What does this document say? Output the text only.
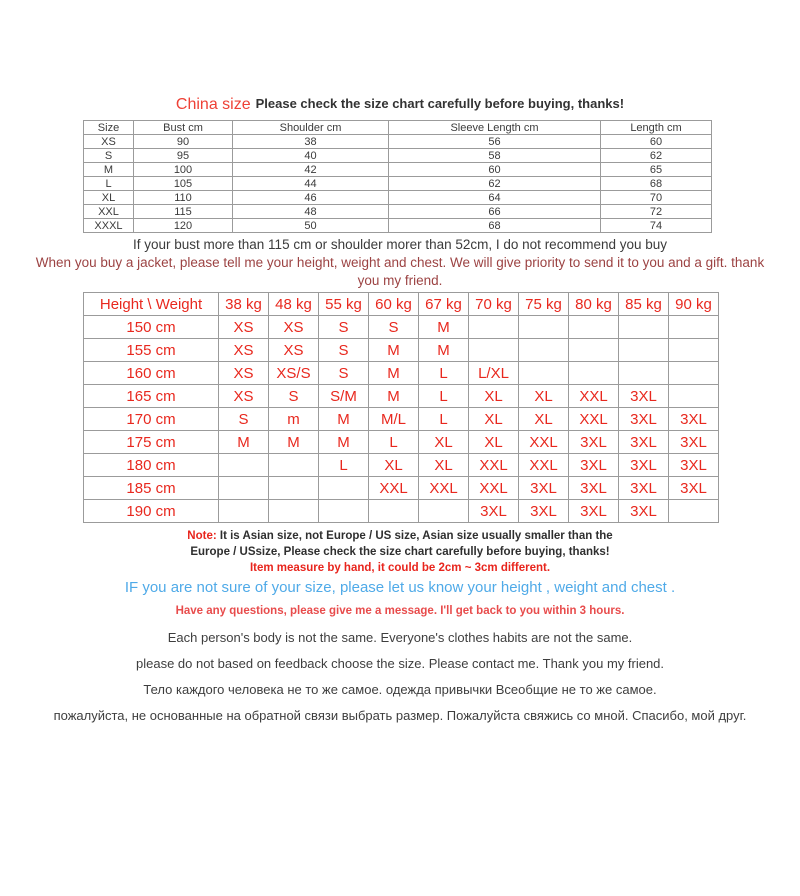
China size Please check the size chart carefully before buying, thanks!
Size	Bust cm	Shoulder cm	Sleeve Length cm	Length cm
XS	90	38	56	60
S	95	40	58	62
M	100	42	60	65
L	105	44	62	68
XL	110	46	64	70
XXL	115	48	66	72
XXXL	120	50	68	74
If your bust more than 115 cm or shoulder morer than 52cm, I do not recommend you buy
When you buy a jacket, please tell me your height, weight and chest. We will give priority to send it to you and a gift. thank
you my friend.
Height \ Weight	38 kg	48 kg	55 kg	60 kg	67 kg	70 kg	75 kg	80 kg	85 kg	90 kg
150 cm	XS	XS	S	S	M					
155 cm	XS	XS	S	M	M					
160 cm	XS	XS/S	S	M	L	L/XL				
165 cm	XS	S	S/M	M	L	XL	XL	XXL	3XL	
170 cm	S	m	M	M/L	L	XL	XL	XXL	3XL	3XL
175 cm	M	M	M	L	XL	XL	XXL	3XL	3XL	3XL
180 cm			L	XL	XL	XXL	XXL	3XL	3XL	3XL
185 cm				XXL	XXL	XXL	3XL	3XL	3XL	3XL
190 cm						3XL	3XL	3XL	3XL	
Note: It is Asian size, not Europe / US size, Asian size usually smaller than the
Europe / USsize, Please check the size chart carefully before buying, thanks!
Item measure by hand, it could be 2cm ~ 3cm different.
IF you are not sure of your size, please let us know your height , weight and chest .
Have any questions, please give me a message. I'll get back to you within 3 hours.
Each person's body is not the same. Everyone's clothes habits are not the same.
please do not based on feedback choose the size. Please contact me. Thank you my friend.
Тело каждого человека не то же самое. одежда привычки Всеобщие не то же самое.
пожалуйста, не основанные на обратной связи выбрать размер. Пожалуйста свяжись со мной. Спасибо, мой друг.
